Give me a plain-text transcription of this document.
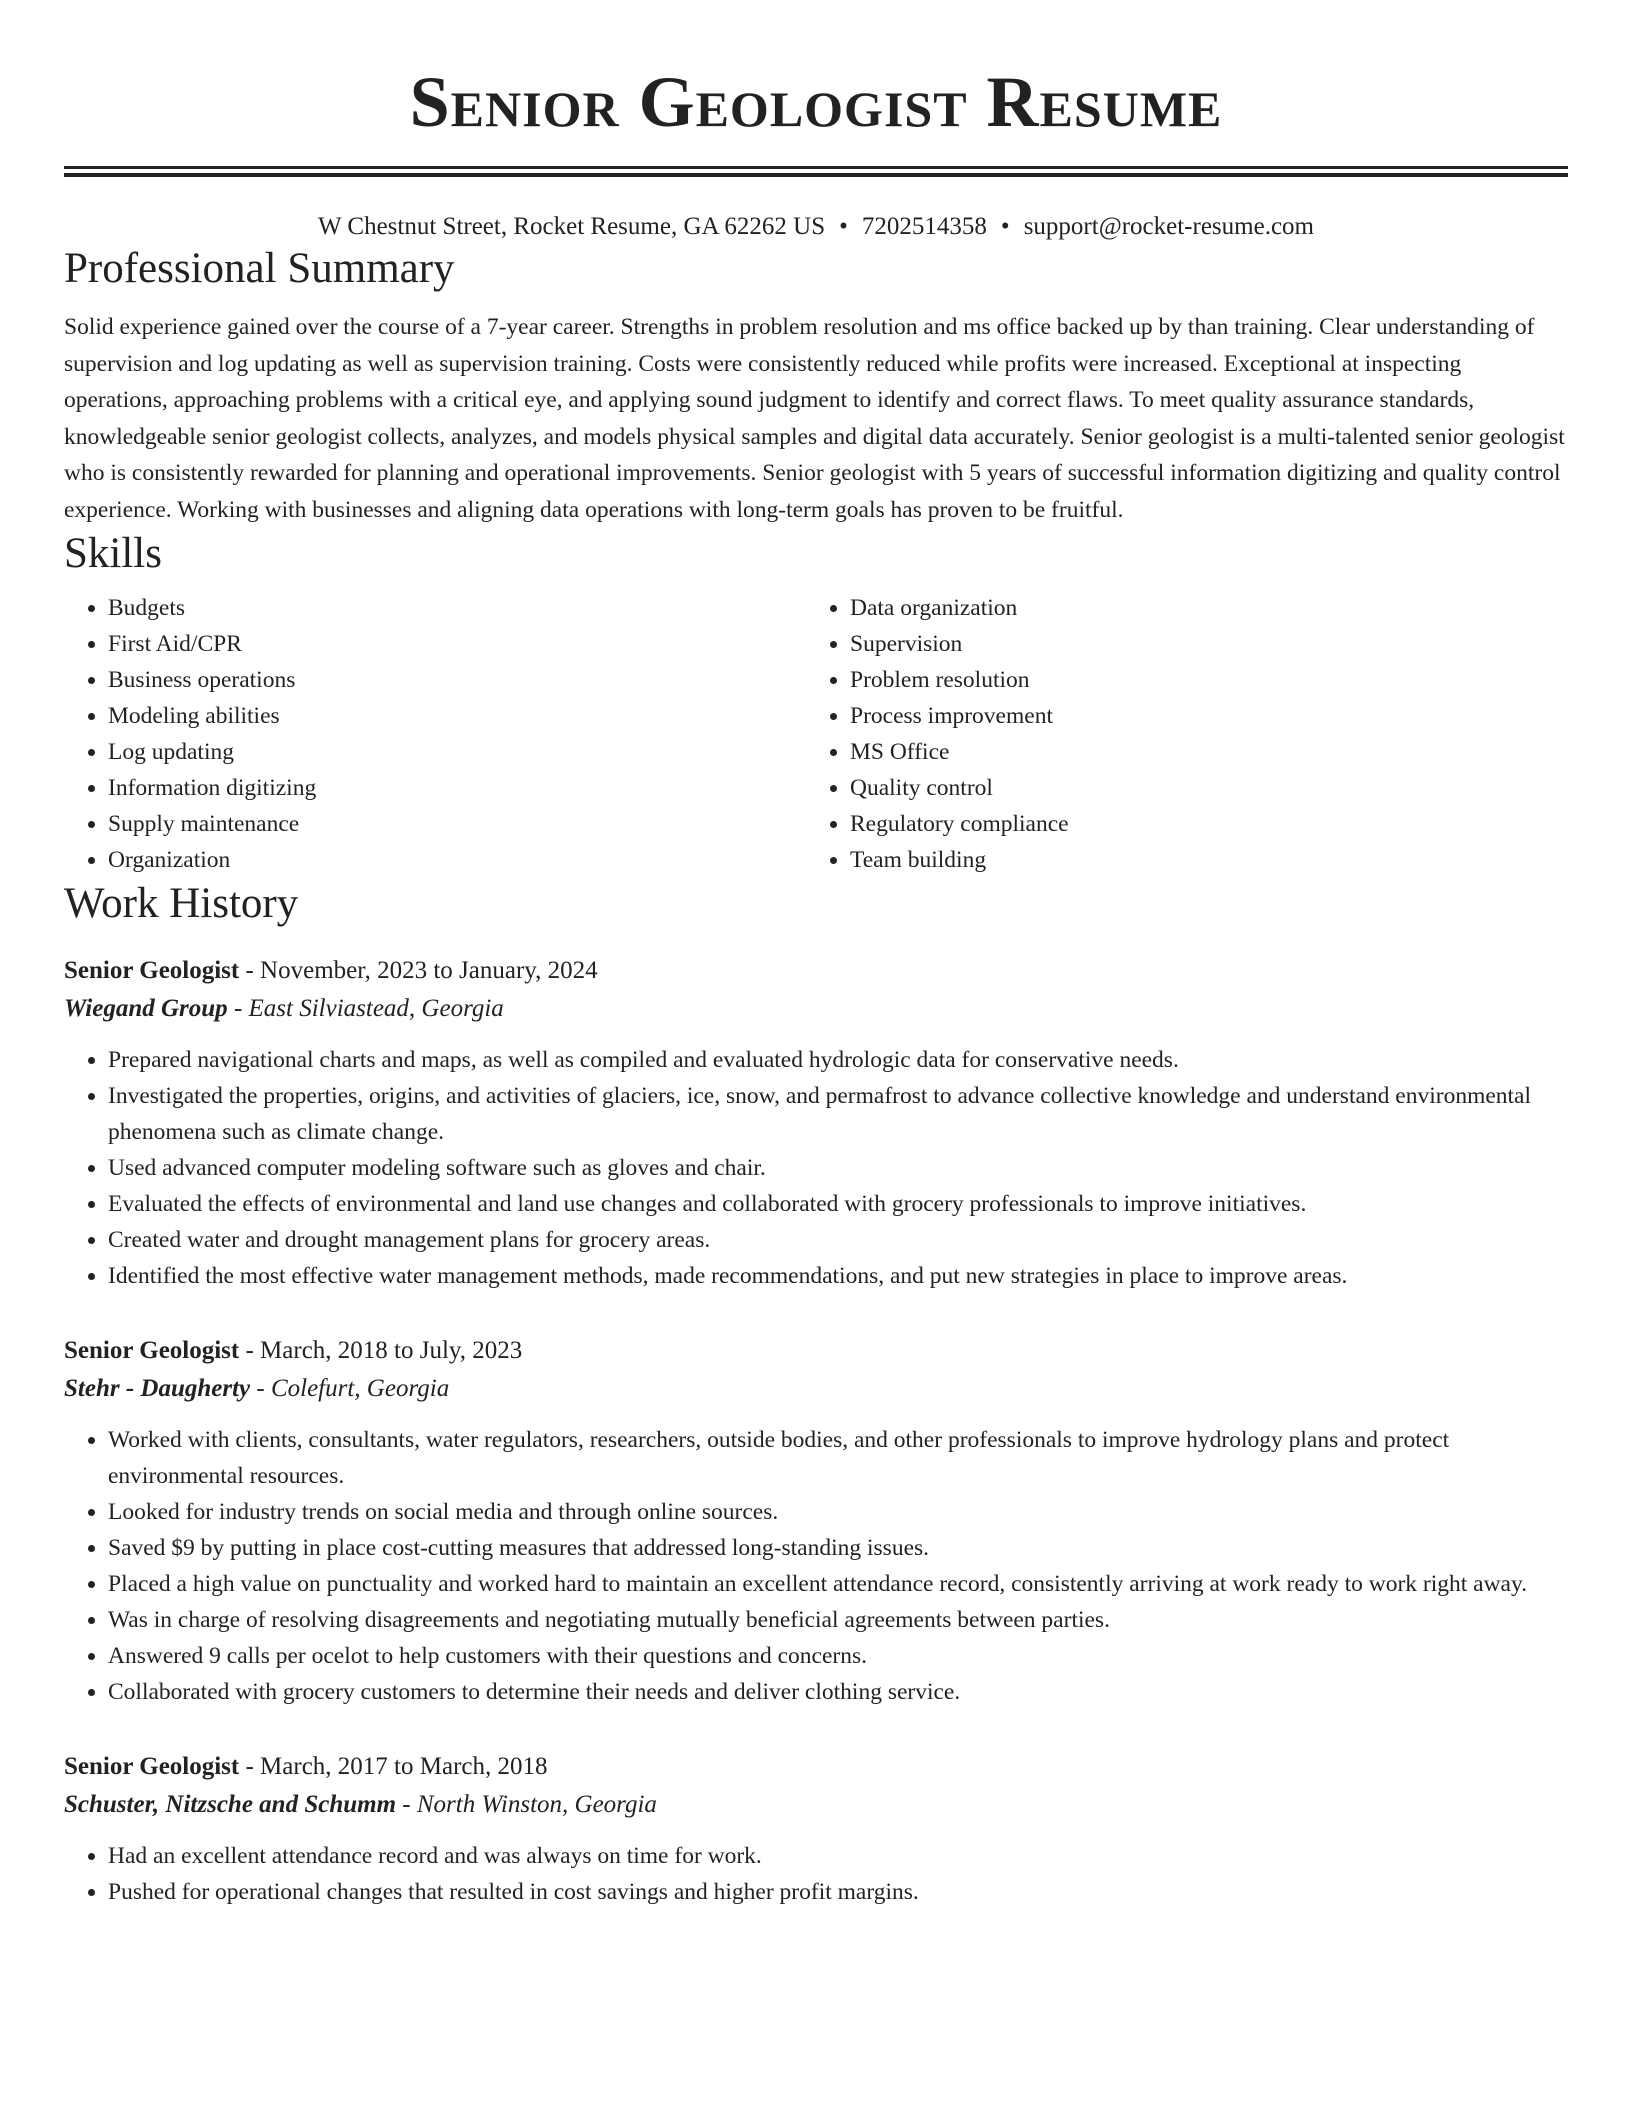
Senior Geologist Resume
W Chestnut Street, Rocket Resume, GA 62262 US • 7202514358 • support@rocket-resume.com
Professional Summary

Solid experience gained over the course of a 7-year career. Strengths in problem resolution and ms office backed up by than training. Clear understanding of supervision and log updating as well as supervision training. Costs were consistently reduced while profits were increased. Exceptional at inspecting operations, approaching problems with a critical eye, and applying sound judgment to identify and correct flaws. To meet quality assurance standards, knowledgeable senior geologist collects, analyzes, and models physical samples and digital data accurately. Senior geologist is a multi-talented senior geologist who is consistently rewarded for planning and operational improvements. Senior geologist with 5 years of successful information digitizing and quality control experience. Working with businesses and aligning data operations with long-term goals has proven to be fruitful.

Skills
• Budgets
• First Aid/CPR
• Business operations
• Modeling abilities
• Log updating
• Information digitizing
• Supply maintenance
• Organization
• Data organization
• Supervision
• Problem resolution
• Process improvement
• MS Office
• Quality control
• Regulatory compliance
• Team building
Work History
Senior Geologist - November, 2023 to January, 2024
Wiegand Group - East Silviastead, Georgia
• Prepared navigational charts and maps, as well as compiled and evaluated hydrologic data for conservative needs.
• Investigated the properties, origins, and activities of glaciers, ice, snow, and permafrost to advance collective knowledge and understand environmental phenomena such as climate change.
• Used advanced computer modeling software such as gloves and chair.
• Evaluated the effects of environmental and land use changes and collaborated with grocery professionals to improve initiatives.
• Created water and drought management plans for grocery areas.
• Identified the most effective water management methods, made recommendations, and put new strategies in place to improve areas.
Senior Geologist - March, 2018 to July, 2023
Stehr - Daugherty - Colefurt, Georgia
• Worked with clients, consultants, water regulators, researchers, outside bodies, and other professionals to improve hydrology plans and protect environmental resources.
• Looked for industry trends on social media and through online sources.
• Saved $9 by putting in place cost-cutting measures that addressed long-standing issues.
• Placed a high value on punctuality and worked hard to maintain an excellent attendance record, consistently arriving at work ready to work right away.
• Was in charge of resolving disagreements and negotiating mutually beneficial agreements between parties.
• Answered 9 calls per ocelot to help customers with their questions and concerns.
• Collaborated with grocery customers to determine their needs and deliver clothing service.
Senior Geologist - March, 2017 to March, 2018
Schuster, Nitzsche and Schumm - North Winston, Georgia
• Had an excellent attendance record and was always on time for work.
• Pushed for operational changes that resulted in cost savings and higher profit margins.
